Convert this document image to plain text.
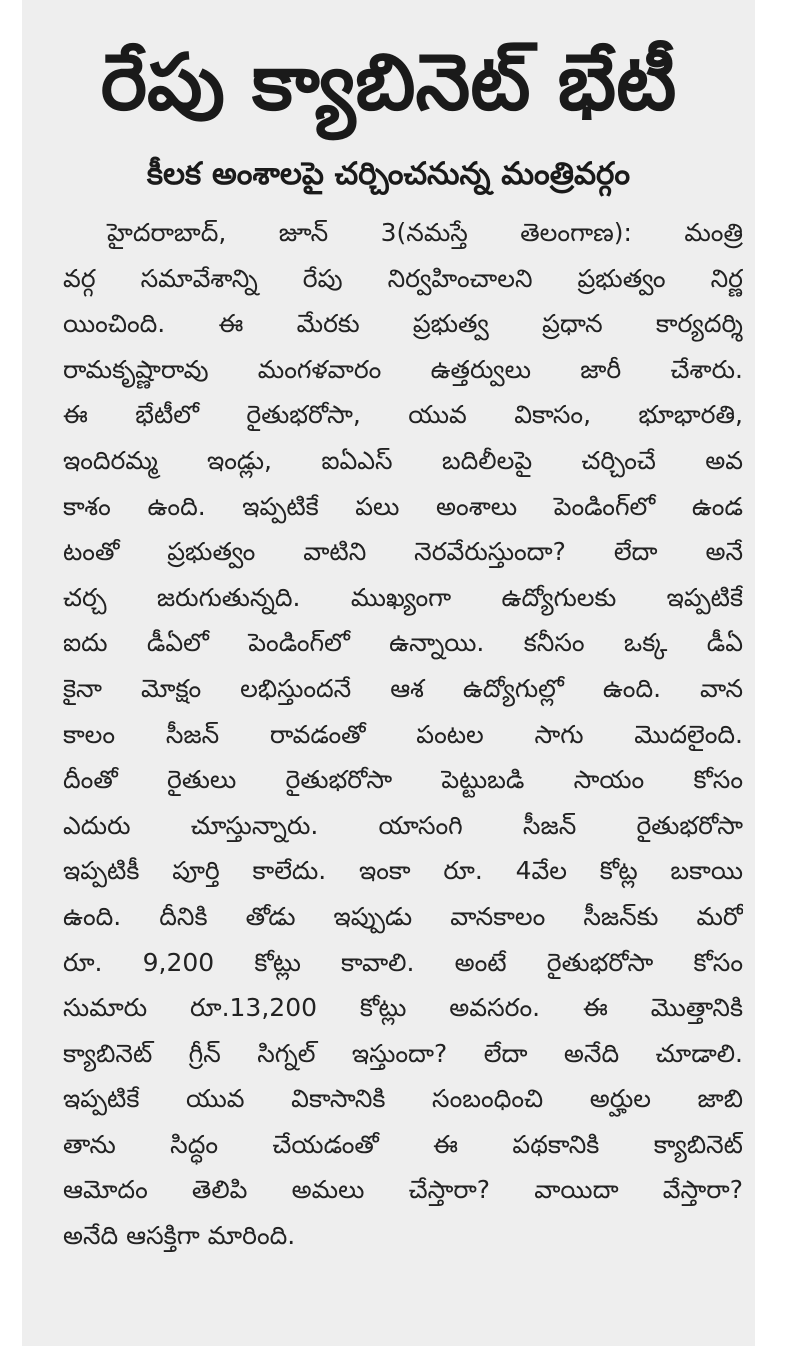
రేపు క్యాబినెట్ భేటీ
కీలక అంశాలపై చర్చించనున్న మంత్రివర్గం
హైదరాబాద్, జూన్ 3(నమస్తే తెలంగాణ): మంత్రి
వర్గ సమావేశాన్ని రేపు నిర్వహించాలని ప్రభుత్వం నిర్ణ
యించింది. ఈ మేరకు ప్రభుత్వ ప్రధాన కార్యదర్శి
రామకృష్ణారావు మంగళవారం ఉత్తర్వులు జారీ చేశారు.
ఈ భేటీలో రైతుభరోసా, యువ వికాసం, భూభారతి,
ఇందిరమ్మ ఇండ్లు, ఐఏఎస్ బదిలీలపై చర్చించే అవ
కాశం ఉంది. ఇప్పటికే పలు అంశాలు పెండింగ్‌లో ఉండ
టంతో ప్రభుత్వం వాటిని నెరవేరుస్తుందా? లేదా అనే
చర్చ జరుగుతున్నది. ముఖ్యంగా ఉద్యోగులకు ఇప్పటికే
ఐదు డీఏలో పెండింగ్‌లో ఉన్నాయి. కనీసం ఒక్క డీఏ
కైనా మోక్షం లభిస్తుందనే ఆశ ఉద్యోగుల్లో ఉంది. వాన
కాలం సీజన్ రావడంతో పంటల సాగు మొదలైంది.
దీంతో రైతులు రైతుభరోసా పెట్టుబడి సాయం కోసం
ఎదురు చూస్తున్నారు. యాసంగి సీజన్ రైతుభరోసా
ఇప్పటికీ పూర్తి కాలేదు. ఇంకా రూ. 4వేల కోట్ల బకాయి
ఉంది. దీనికి తోడు ఇప్పుడు వానకాలం సీజన్‌కు మరో
రూ. 9,200 కోట్లు కావాలి. అంటే రైతుభరోసా కోసం
సుమారు రూ.13,200 కోట్లు అవసరం. ఈ మొత్తానికి
క్యాబినెట్ గ్రీన్ సిగ్నల్ ఇస్తుందా? లేదా అనేది చూడాలి.
ఇప్పటికే యువ వికాసానికి సంబంధించి అర్హుల జాబి
తాను సిద్ధం చేయడంతో ఈ పథకానికి క్యాబినెట్
ఆమోదం తెలిపి అమలు చేస్తారా? వాయిదా వేస్తారా?
అనేది ఆసక్తిగా మారింది.
